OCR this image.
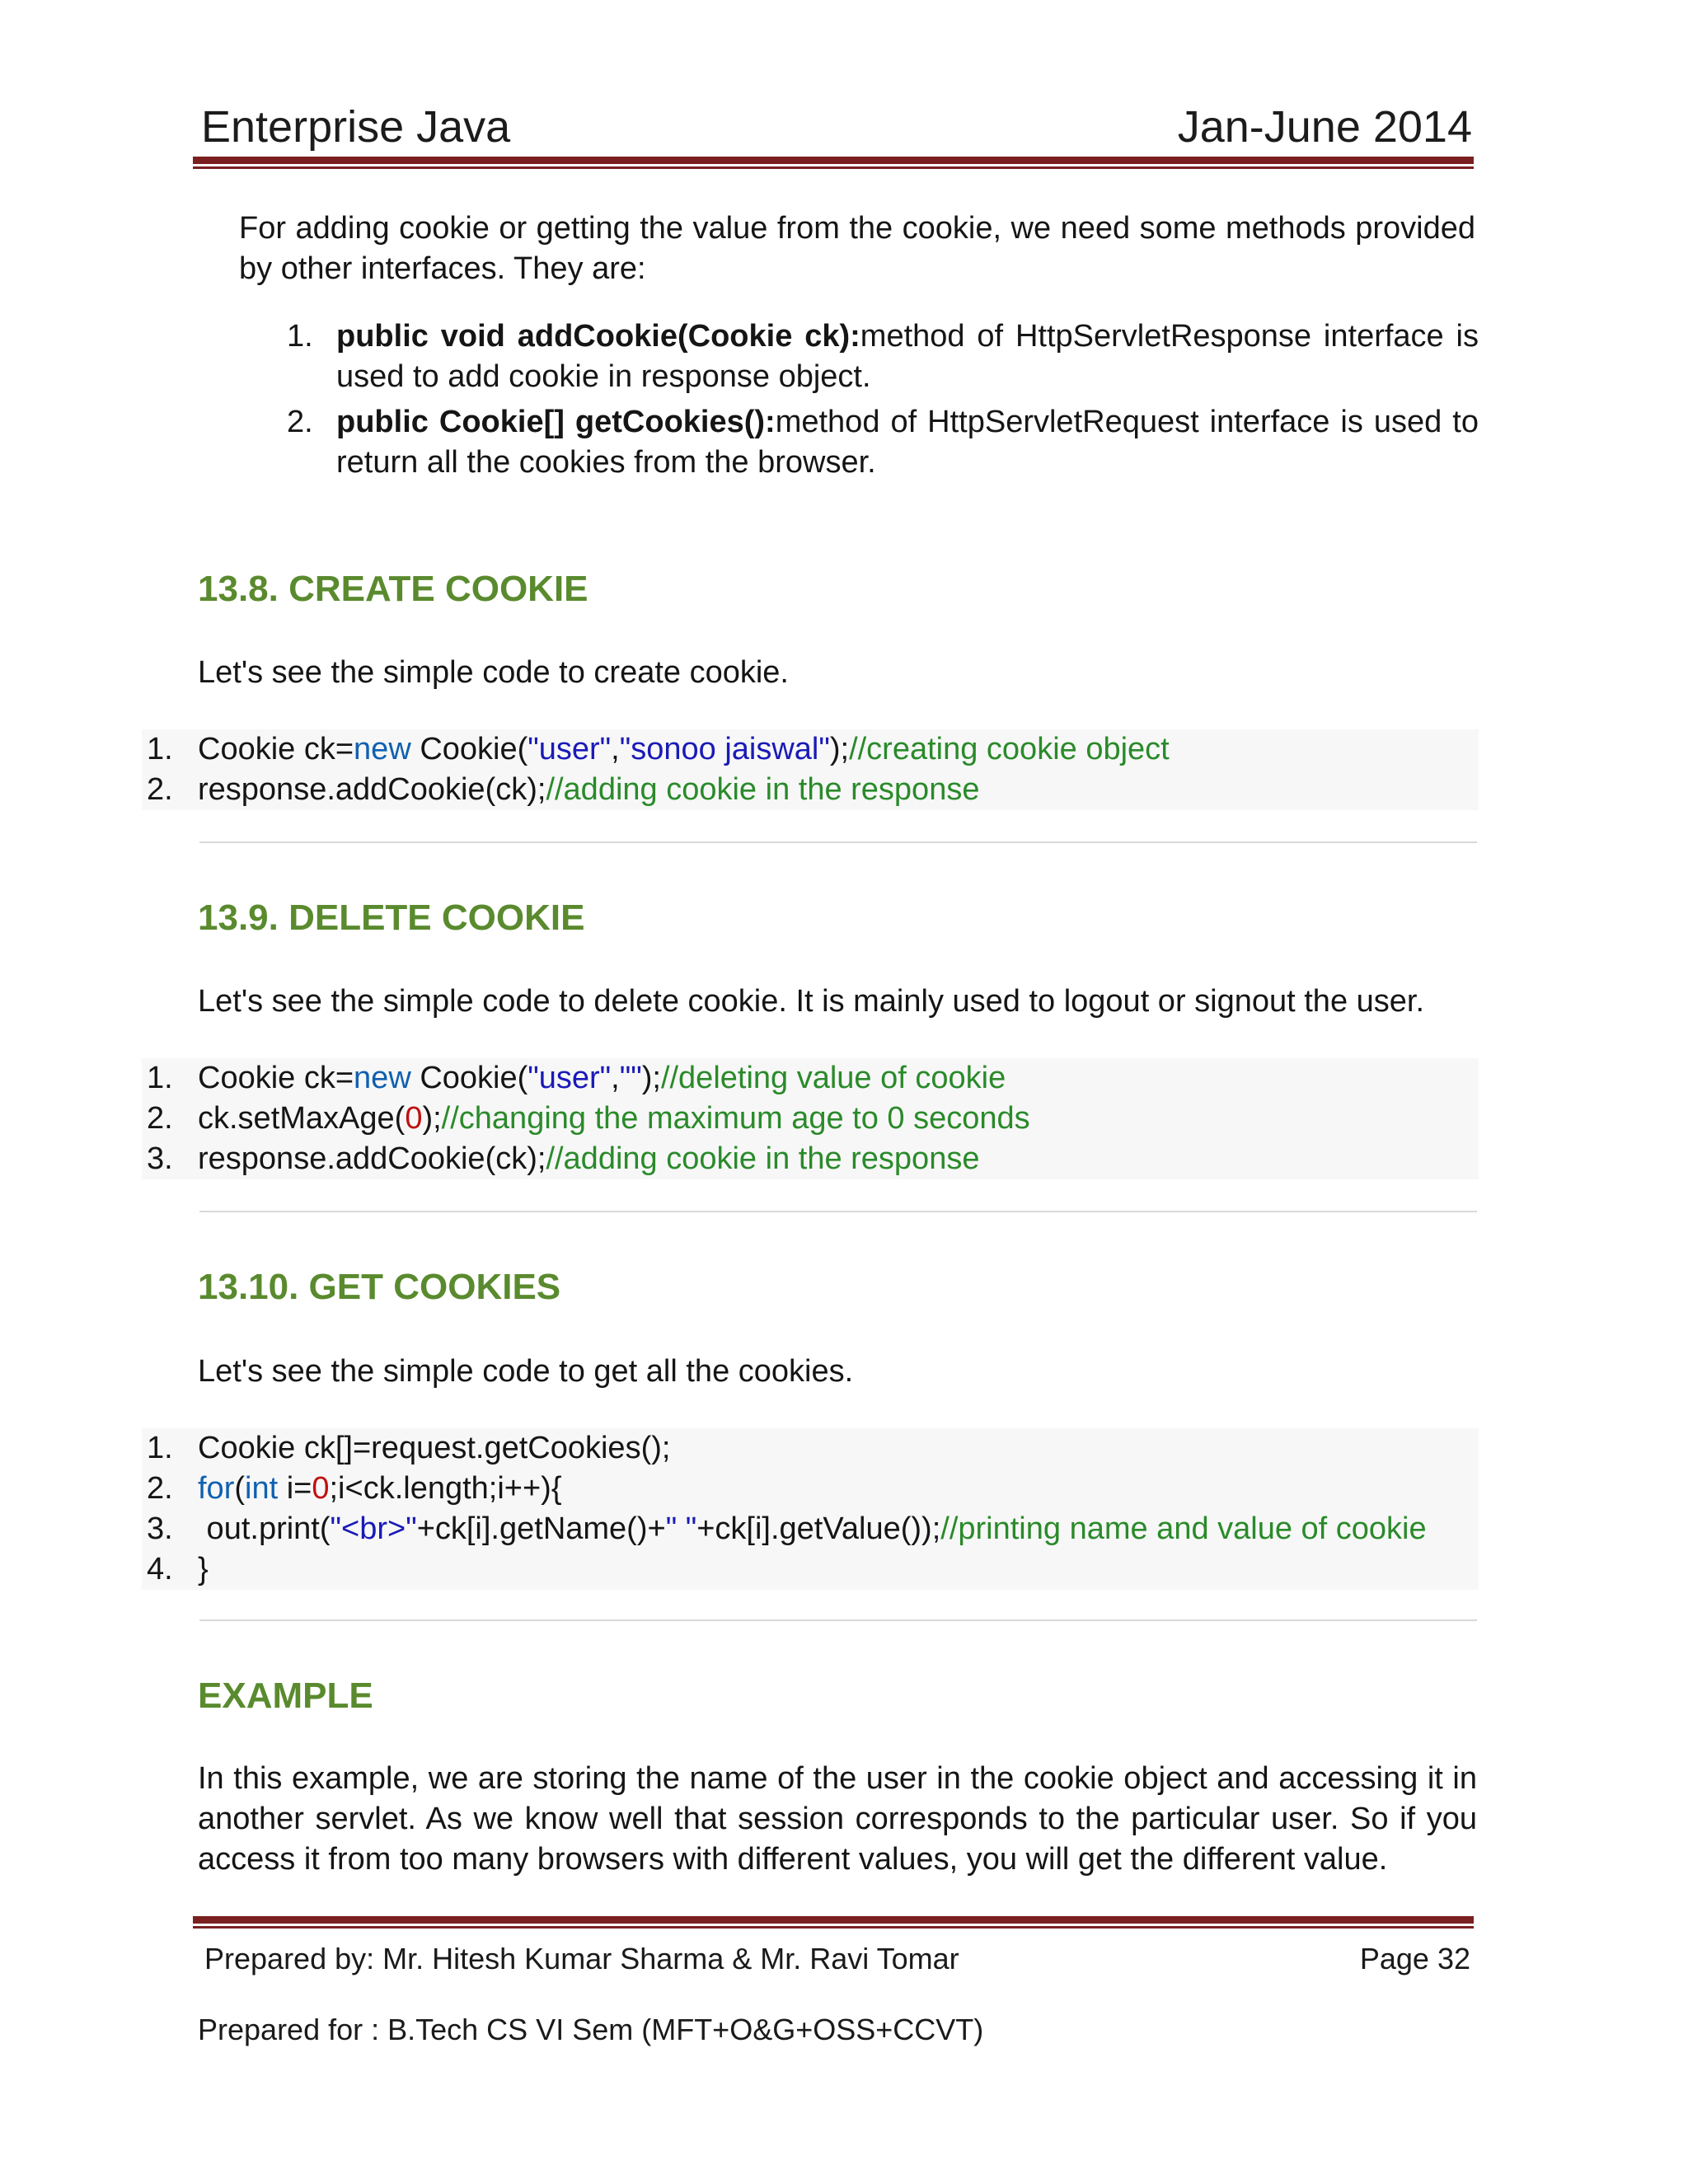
Enterprise Java	Jan-June 2014
For adding cookie or getting the value from the cookie, we need some methods provided by other interfaces. They are:
1. public void addCookie(Cookie ck):method of HttpServletResponse interface is used to add cookie in response object.
2. public Cookie[] getCookies():method of HttpServletRequest interface is used to return all the cookies from the browser.
13.8. CREATE COOKIE
Let's see the simple code to create cookie.
1. Cookie ck=new Cookie("user","sonoo jaiswal");//creating cookie object
2. response.addCookie(ck);//adding cookie in the response
13.9. DELETE COOKIE
Let's see the simple code to delete cookie. It is mainly used to logout or signout the user.
1. Cookie ck=new Cookie("user","");//deleting value of cookie
2. ck.setMaxAge(0);//changing the maximum age to 0 seconds
3. response.addCookie(ck);//adding cookie in the response
13.10. GET COOKIES
Let's see the simple code to get all the cookies.
1. Cookie ck[]=request.getCookies();
2. for(int i=0;i<ck.length;i++){
3. out.print("<br>"+ck[i].getName()+" "+ck[i].getValue());//printing name and value of cookie
4. }
EXAMPLE
In this example, we are storing the name of the user in the cookie object and accessing it in another servlet. As we know well that session corresponds to the particular user. So if you access it from too many browsers with different values, you will get the different value.
Prepared by: Mr. Hitesh Kumar Sharma & Mr. Ravi Tomar	Page 32
Prepared for : B.Tech CS VI Sem (MFT+O&G+OSS+CCVT)
